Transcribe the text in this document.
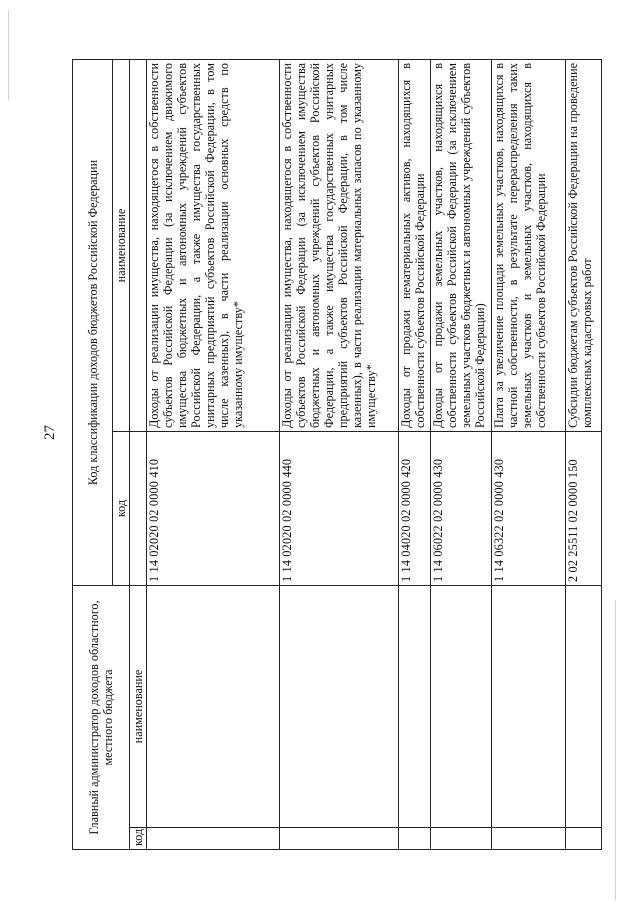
27
Главный администратор доходов областного, местного бюджета		Код классификации доходов бюджетов Российской Федерации	
		код	наименование
код	наименование		
		1 14 02020 02 0000 410	Доходы от реализации имущества, находящегося в собственности субъектов Российской Федерации (за исключением движимого имущества бюджетных и автономных учреждений субъектов Российской Федерации, а также имущества государственных унитарных предприятий субъектов Российской Федерации, в том числе казенных), в части реализации основных средств по указанному имуществу*
		1 14 02020 02 0000 440	Доходы от реализации имущества, находящегося в собственности субъектов Российской Федерации (за исключением имущества бюджетных и автономных учреждений субъектов Российской Федерации, а также имущества государственных унитарных предприятий субъектов Российской Федерации, в том числе казенных), в части реализации материальных запасов по указанному имуществу*
		1 14 04020 02 0000 420	Доходы от продажи нематериальных активов, находящихся в собственности субъектов Российской Федерации
		1 14 06022 02 0000 430	Доходы от продажи земельных участков, находящихся в собственности субъектов Российской Федерации (за исключением земельных участков бюджетных и автономных учреждений субъектов Российской Федерации)
		1 14 06322 02 0000 430	Плата за увеличение площади земельных участков, находящихся в частной собственности, в результате перераспределения таких земельных участков и земельных участков, находящихся в собственности субъектов Российской Федерации
		2 02 25511 02 0000 150	Субсидии бюджетам субъектов Российской Федерации на проведение комплексных кадастровых работ
